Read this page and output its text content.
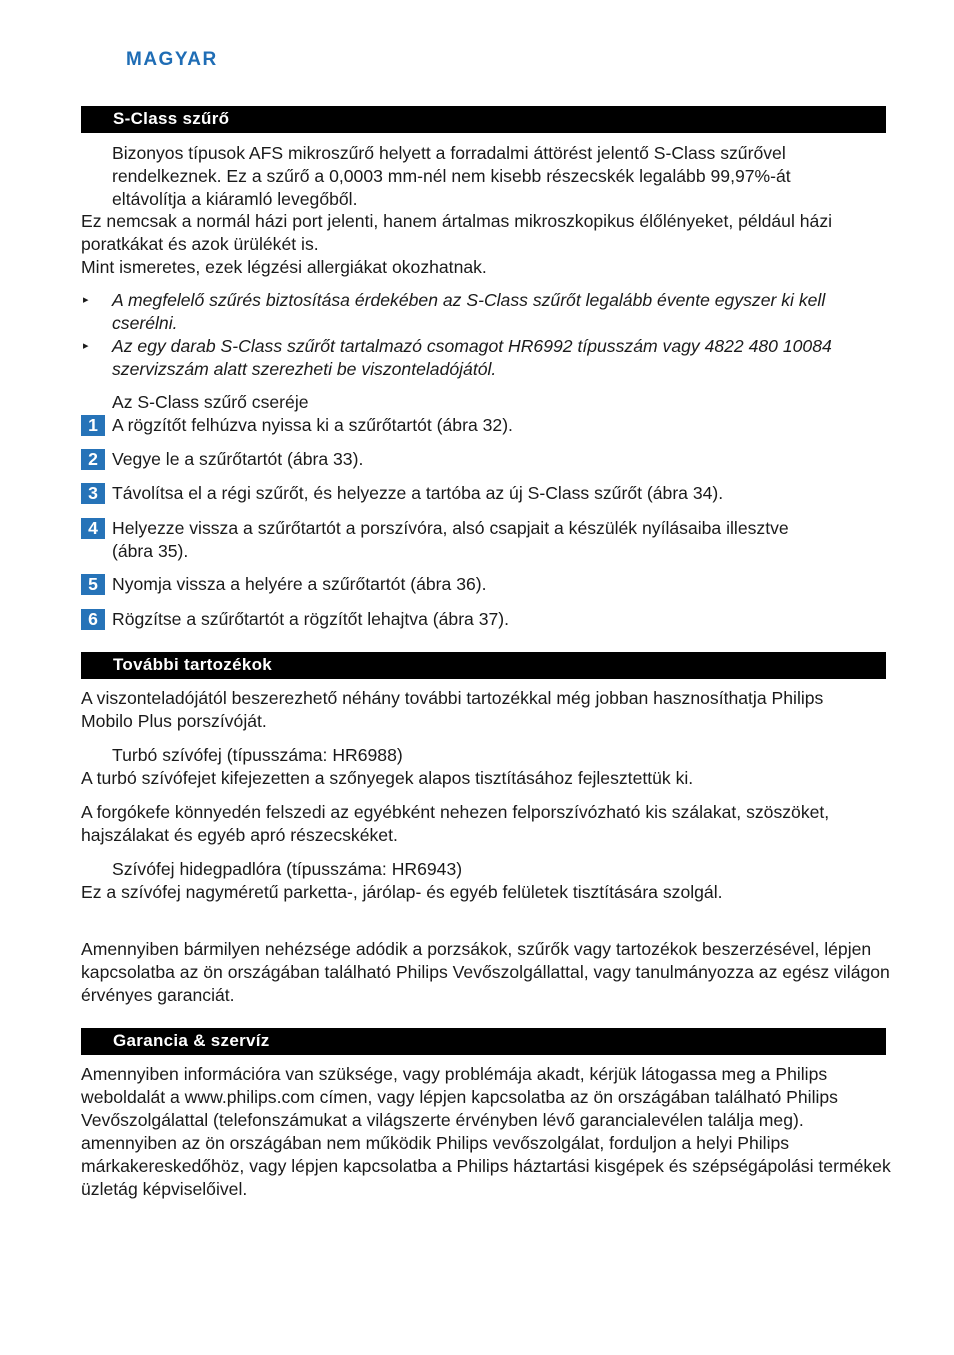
MAGYAR
S-Class szűrő
Bizonyos típusok AFS mikroszűrő helyett a forradalmi áttörést jelentő S-Class szűrővel
rendelkeznek. Ez a szűrő a 0,0003 mm-nél nem kisebb részecskék legalább 99,97%-át
eltávolítja a kiáramló levegőből.
Ez nemcsak a normál házi port jelenti, hanem ártalmas mikroszkopikus élőlényeket, például házi
poratkákat és azok ürülékét is.
Mint ismeretes, ezek légzési allergiákat okozhatnak.
▸ A megfelelő szűrés biztosítása érdekében az S-Class szűrőt legalább évente egyszer ki kell
cserélni.
▸ Az egy darab S-Class szűrőt tartalmazó csomagot HR6992 típusszám vagy 4822 480 10084
szervizszám alatt szerezheti be viszonteladójától.
Az S-Class szűrő cseréje
1 A rögzítőt felhúzva nyissa ki a szűrőtartót (ábra 32).
2 Vegye le a szűrőtartót (ábra 33).
3 Távolítsa el a régi szűrőt, és helyezze a tartóba az új S-Class szűrőt (ábra 34).
4 Helyezze vissza a szűrőtartót a porszívóra, alsó csapjait a készülék nyílásaiba illesztve
(ábra 35).
5 Nyomja vissza a helyére a szűrőtartót (ábra 36).
6 Rögzítse a szűrőtartót a rögzítőt lehajtva (ábra 37).
További tartozékok
A viszonteladójától beszerezhető néhány további tartozékkal még jobban hasznosíthatja Philips
Mobilo Plus porszívóját.
Turbó szívófej (típusszáma: HR6988)
A turbó szívófejet kifejezetten a szőnyegek alapos tisztításához fejlesztettük ki.
A forgókefe könnyedén felszedi az egyébként nehezen felporszívózható kis szálakat, szöszöket,
hajszálakat és egyéb apró részecskéket.
Szívófej hidegpadlóra (típusszáma: HR6943)
Ez a szívófej nagyméretű parketta-, járólap- és egyéb felületek tisztítására szolgál.
Amennyiben bármilyen nehézsége adódik a porzsákok, szűrők vagy tartozékok beszerzésével, lépjen
kapcsolatba az ön országában található Philips Vevőszolgállattal, vagy tanulmányozza az egész világon
érvényes garanciát.
Garancia & szervíz
Amennyiben információra van szüksége, vagy problémája akadt, kérjük látogassa meg a Philips
weboldalát a www.philips.com címen, vagy lépjen kapcsolatba az ön országában található Philips
Vevőszolgálattal (telefonszámukat a világszerte érvényben lévő garancialevélen találja meg).
amennyiben az ön országában nem működik Philips vevőszolgálat, forduljon a helyi Philips
márkakereskedőhöz, vagy lépjen kapcsolatba a Philips háztartási kisgépek és szépségápolási termékek
üzletág képviselőivel.
